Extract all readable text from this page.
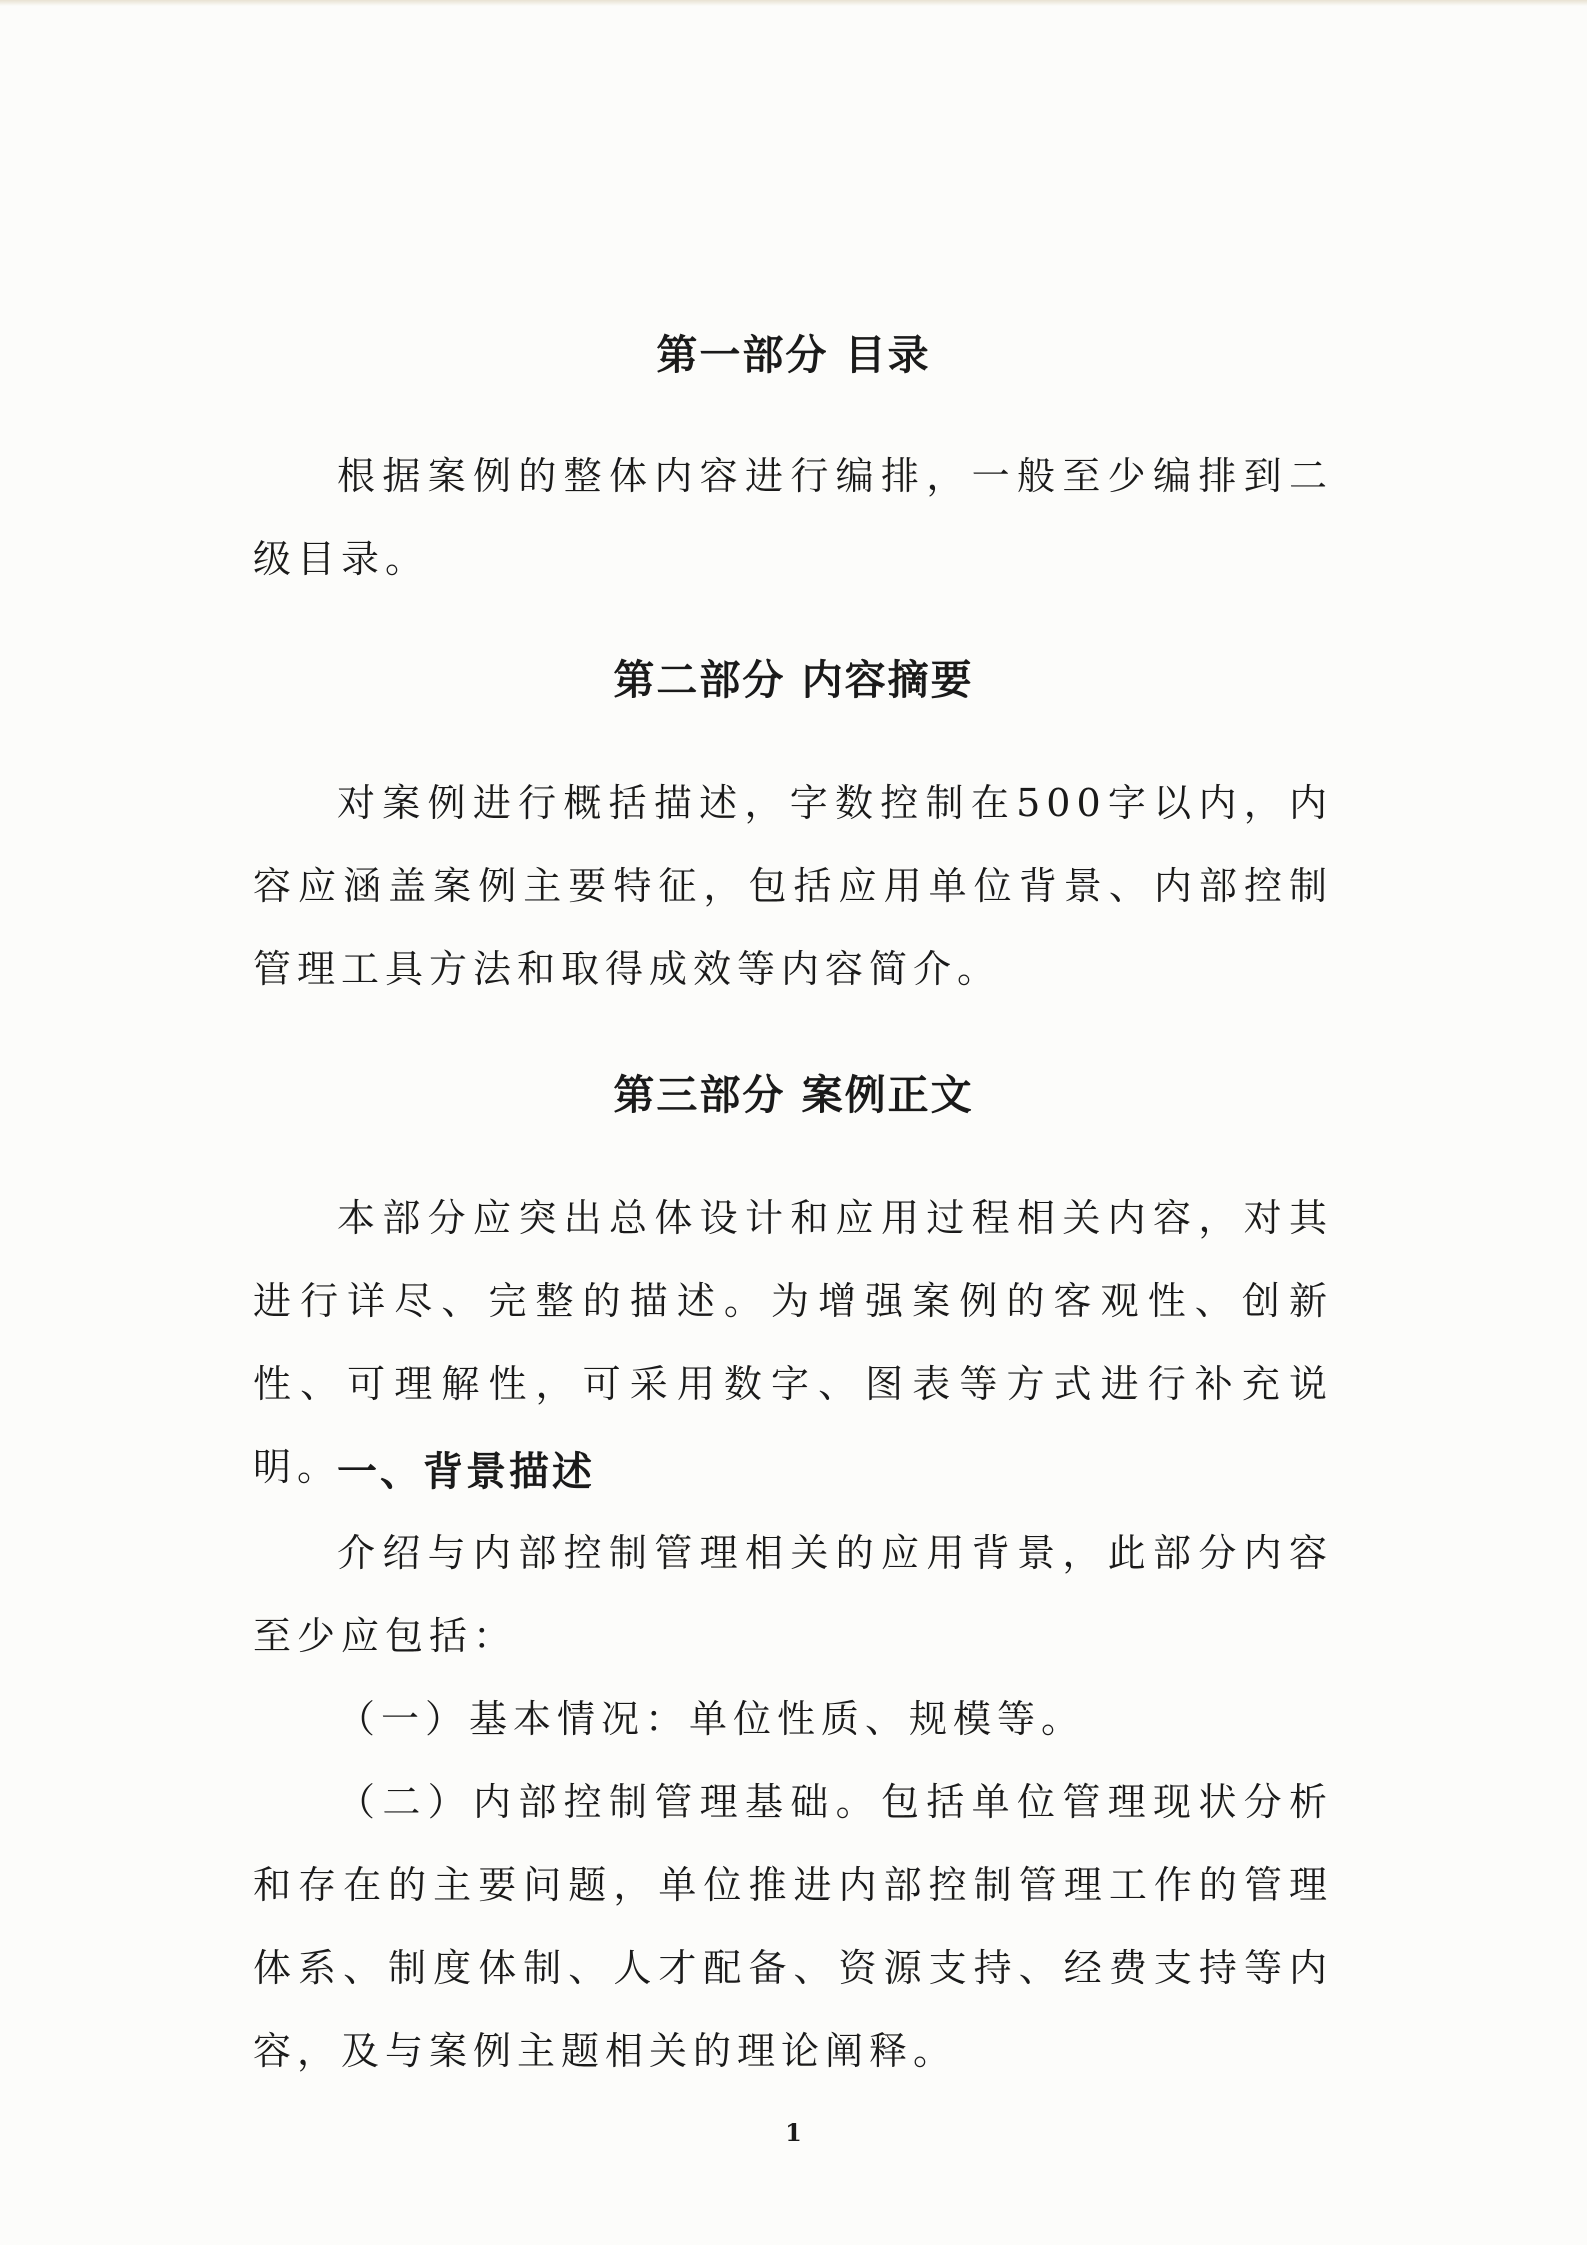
第一部分 目录
根据案例的整体内容进行编排，一般至少编排到二级目录。
第二部分 内容摘要
对案例进行概括描述，字数控制在500字以内，内容应涵盖案例主要特征，包括应用单位背景、内部控制管理工具方法和取得成效等内容简介。
第三部分 案例正文
本部分应突出总体设计和应用过程相关内容，对其进行详尽、完整的描述。为增强案例的客观性、创新性、可理解性，可采用数字、图表等方式进行补充说明。
一、背景描述
介绍与内部控制管理相关的应用背景，此部分内容至少应包括：
（一）基本情况：单位性质、规模等。
（二）内部控制管理基础。包括单位管理现状分析和存在的主要问题，单位推进内部控制管理工作的管理体系、制度体制、人才配备、资源支持、经费支持等内容，及与案例主题相关的理论阐释。
1
